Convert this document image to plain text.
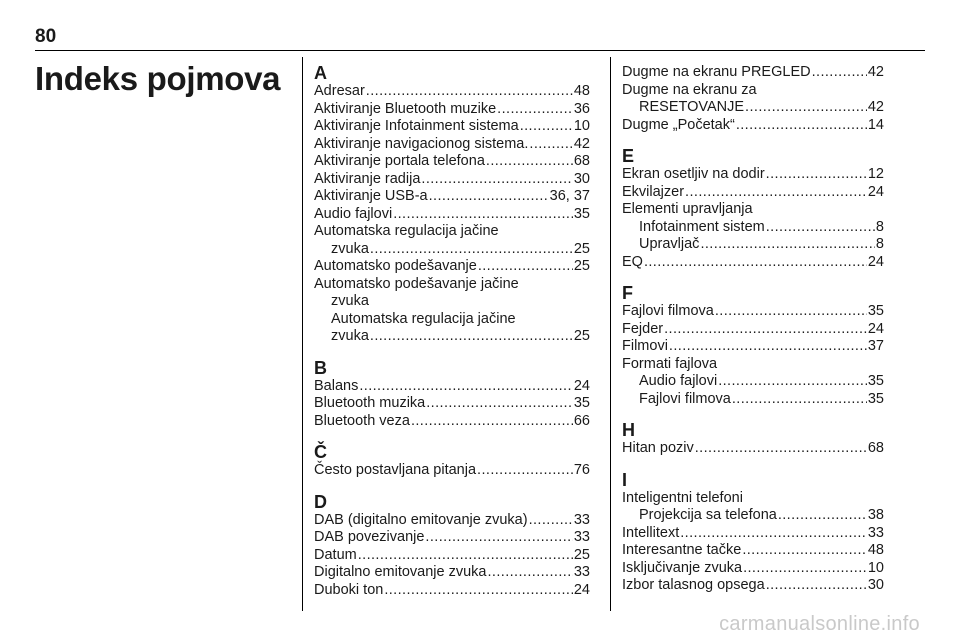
80
Indeks pojmova A
Adresar .....	48
Aktiviranje Bluetooth muzike .....	36
Aktiviranje Infotainment sistema .....	10
Aktiviranje navigacionog sistema. .....	42
Aktiviranje portala telefona .....	68
Aktiviranje radija .....	30
Aktiviranje USB-a .....	36, 37
Audio fajlovi .....	35
Automatska regulacija jačine
zvuka .....	25
Automatsko podešavanje .....	25
Automatsko podešavanje jačine
zvuka
Automatska regulacija jačine
zvuka .....	25
B
Balans .....	24
Bluetooth muzika .....	35
Bluetooth veza .....	66
Č
Često postavljana pitanja .....	76
D
DAB (digitalno emitovanje zvuka) .....	33
DAB povezivanje .....	33
Datum .....	25
Digitalno emitovanje zvuka .....	33
Duboki ton .....	24
Dugme na ekranu PREGLED .....	42
Dugme na ekranu za
RESETOVANJE .....	42
Dugme „Početak“ .....	14
E
Ekran osetljiv na dodir .....	12
Ekvilajzer .....	24
Elementi upravljanja
Infotainment sistem .....	8
Upravljač .....	8
EQ .....	24
F
Fajlovi filmova .....	35
Fejder .....	24
Filmovi .....	37
Formati fajlova
Audio fajlovi .....	35
Fajlovi filmova .....	35
H
Hitan poziv .....	68
I
Inteligentni telefoni
Projekcija sa telefona .....	38
Intellitext .....	33
Interesantne tačke .....	48
Isključivanje zvuka .....	10
Izbor talasnog opsega .....	30
carmanualsonline.info
